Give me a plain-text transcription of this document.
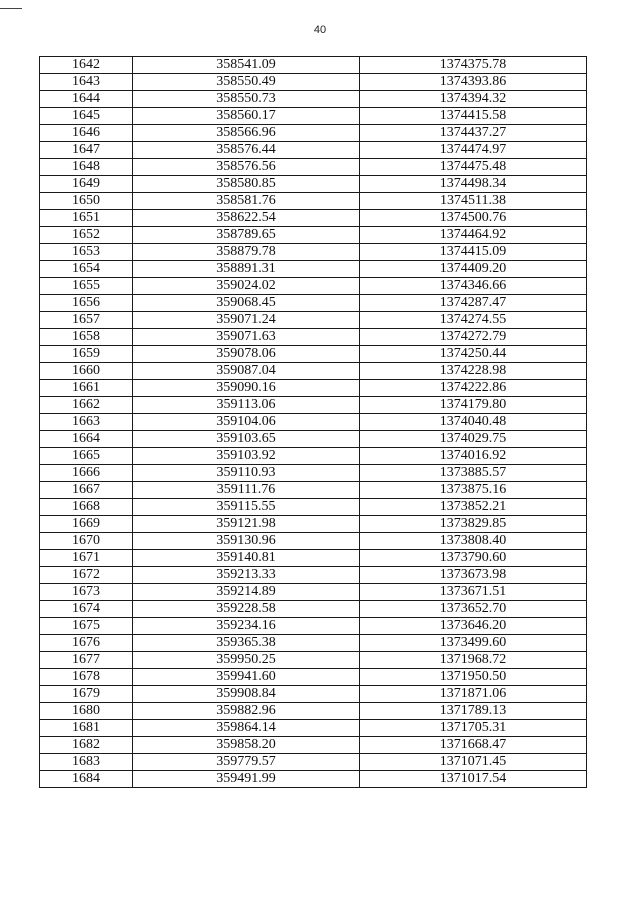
40
1642	358541.09	1374375.78
1643	358550.49	1374393.86
1644	358550.73	1374394.32
1645	358560.17	1374415.58
1646	358566.96	1374437.27
1647	358576.44	1374474.97
1648	358576.56	1374475.48
1649	358580.85	1374498.34
1650	358581.76	1374511.38
1651	358622.54	1374500.76
1652	358789.65	1374464.92
1653	358879.78	1374415.09
1654	358891.31	1374409.20
1655	359024.02	1374346.66
1656	359068.45	1374287.47
1657	359071.24	1374274.55
1658	359071.63	1374272.79
1659	359078.06	1374250.44
1660	359087.04	1374228.98
1661	359090.16	1374222.86
1662	359113.06	1374179.80
1663	359104.06	1374040.48
1664	359103.65	1374029.75
1665	359103.92	1374016.92
1666	359110.93	1373885.57
1667	359111.76	1373875.16
1668	359115.55	1373852.21
1669	359121.98	1373829.85
1670	359130.96	1373808.40
1671	359140.81	1373790.60
1672	359213.33	1373673.98
1673	359214.89	1373671.51
1674	359228.58	1373652.70
1675	359234.16	1373646.20
1676	359365.38	1373499.60
1677	359950.25	1371968.72
1678	359941.60	1371950.50
1679	359908.84	1371871.06
1680	359882.96	1371789.13
1681	359864.14	1371705.31
1682	359858.20	1371668.47
1683	359779.57	1371071.45
1684	359491.99	1371017.54
